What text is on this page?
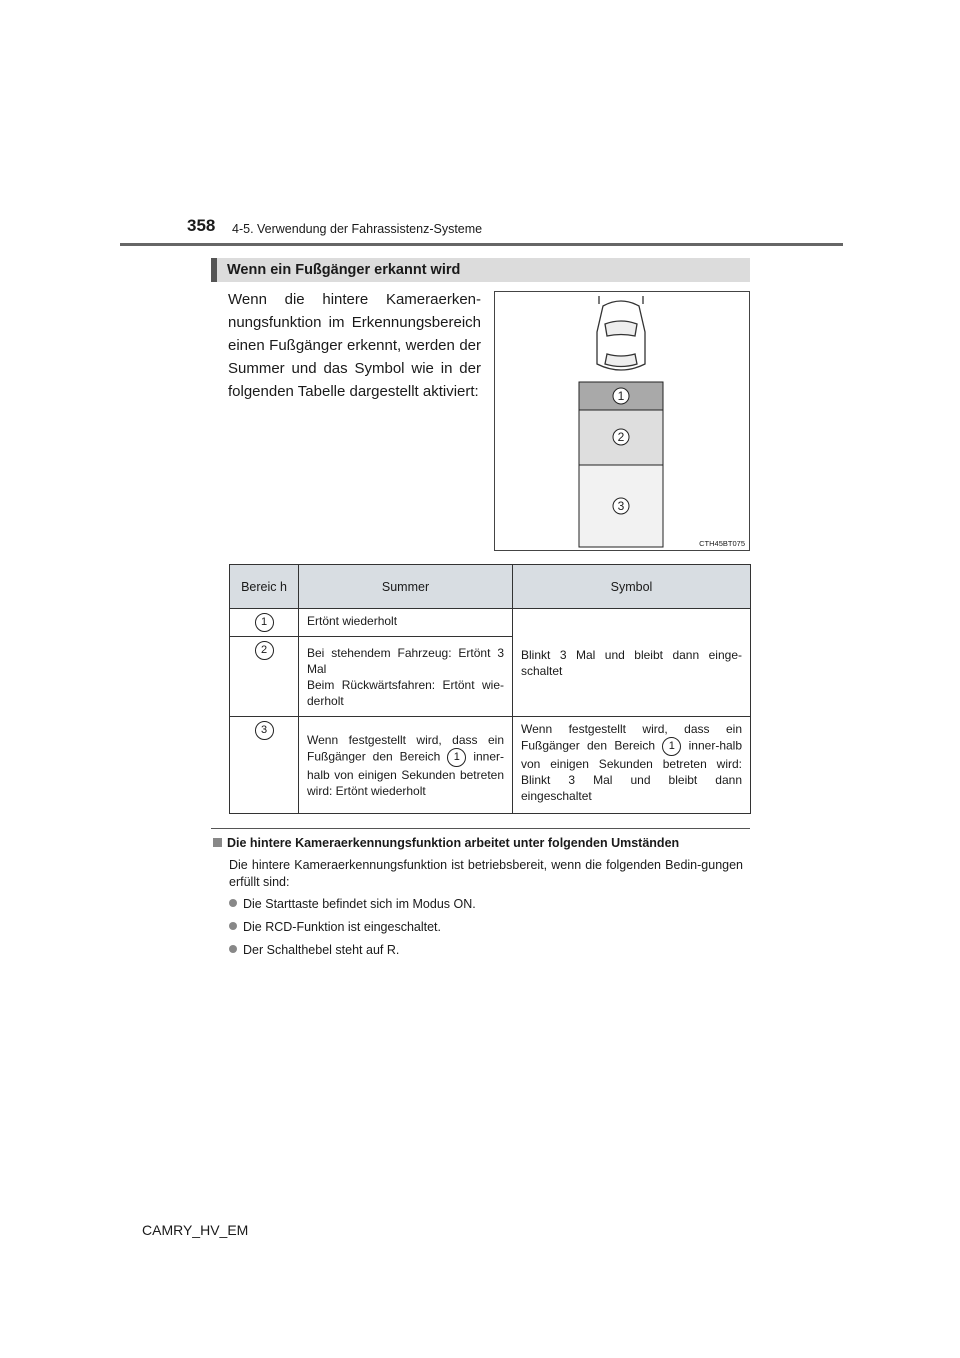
358 4-5. Verwendung der Fahrassistenz-Systeme
Wenn ein Fußgänger erkannt wird
Wenn die hintere Kameraerken-
nungsfunktion im Erkennungsbereich
einen Fußgänger erkennt, werden der
Summer und das Symbol wie in der
folgenden Tabelle dargestellt aktiviert:	1
2
3
CTH45BT075
Bereic h	Summer	Symbol
1	Ertönt wiederholt	Blinkt 3 Mal und bleibt dann einge-schaltet
2	Bei stehendem Fahrzeug: Ertönt 3 Mal
Beim Rückwärtsfahren: Ertönt wie-derholt	

3	Wenn festgestellt wird, dass ein Fußgänger den Bereich 1 inner-halb von einigen Sekunden betreten wird: Ertönt wiederholt	Wenn festgestellt wird, dass ein Fußgänger den Bereich 1 inner-halb von einigen Sekunden betreten wird: Blinkt 3 Mal und bleibt dann eingeschaltet
Die hintere Kameraerkennungsfunktion arbeitet unter folgenden Umständen
Die hintere Kameraerkennungsfunktion ist betriebsbereit, wenn die folgenden Bedin-gungen erfüllt sind:
Die Starttaste befindet sich im Modus ON.
Die RCD-Funktion ist eingeschaltet.
Der Schalthebel steht auf R.
CAMRY_HV_EM
